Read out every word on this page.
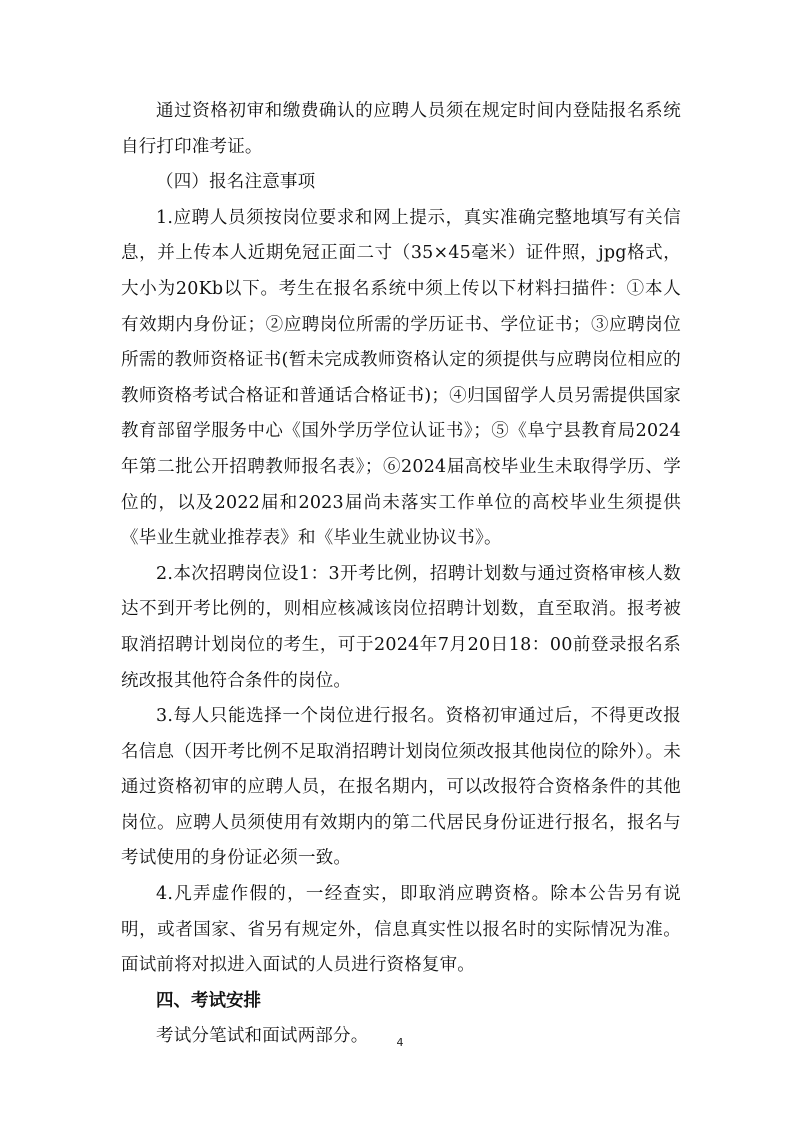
通过资格初审和缴费确认的应聘人员须在规定时间内登陆报名系统自行打印准考证。

（四）报名注意事项

1.应聘人员须按岗位要求和网上提示，真实准确完整地填写有关信息，并上传本人近期免冠正面二寸（35×45毫米）证件照，jpg格式，大小为20Kb以下。考生在报名系统中须上传以下材料扫描件：①本人有效期内身份证；②应聘岗位所需的学历证书、学位证书；③应聘岗位所需的教师资格证书(暂未完成教师资格认定的须提供与应聘岗位相应的教师资格考试合格证和普通话合格证书)；④归国留学人员另需提供国家教育部留学服务中心《国外学历学位认证书》；⑤《阜宁县教育局2024年第二批公开招聘教师报名表》；⑥2024届高校毕业生未取得学历、学位的，以及2022届和2023届尚未落实工作单位的高校毕业生须提供《毕业生就业推荐表》和《毕业生就业协议书》。

2.本次招聘岗位设1：3开考比例，招聘计划数与通过资格审核人数达不到开考比例的，则相应核减该岗位招聘计划数，直至取消。报考被取消招聘计划岗位的考生，可于2024年7月20日18：00前登录报名系统改报其他符合条件的岗位。

3.每人只能选择一个岗位进行报名。资格初审通过后，不得更改报名信息（因开考比例不足取消招聘计划岗位须改报其他岗位的除外）。未通过资格初审的应聘人员，在报名期内，可以改报符合资格条件的其他岗位。应聘人员须使用有效期内的第二代居民身份证进行报名，报名与考试使用的身份证必须一致。

4.凡弄虚作假的，一经查实，即取消应聘资格。除本公告另有说明，或者国家、省另有规定外，信息真实性以报名时的实际情况为准。面试前将对拟进入面试的人员进行资格复审。

四、考试安排

考试分笔试和面试两部分。	4
